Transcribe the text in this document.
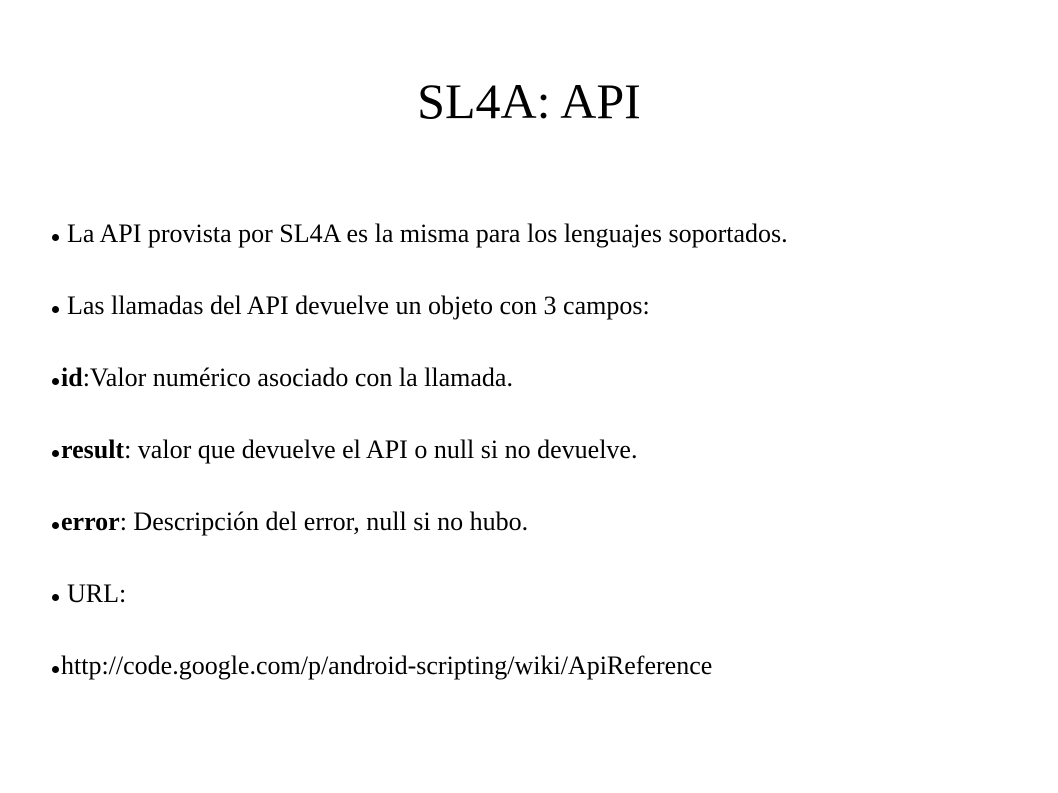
SL4A: API
La API provista por SL4A es la misma para los lenguajes soportados.
Las llamadas del API devuelve un objeto con 3 campos:
id:Valor numérico asociado con la llamada.
result: valor que devuelve el API o null si no devuelve.
error: Descripción del error, null si no hubo.
URL:
http://code.google.com/p/android-scripting/wiki/ApiReference
